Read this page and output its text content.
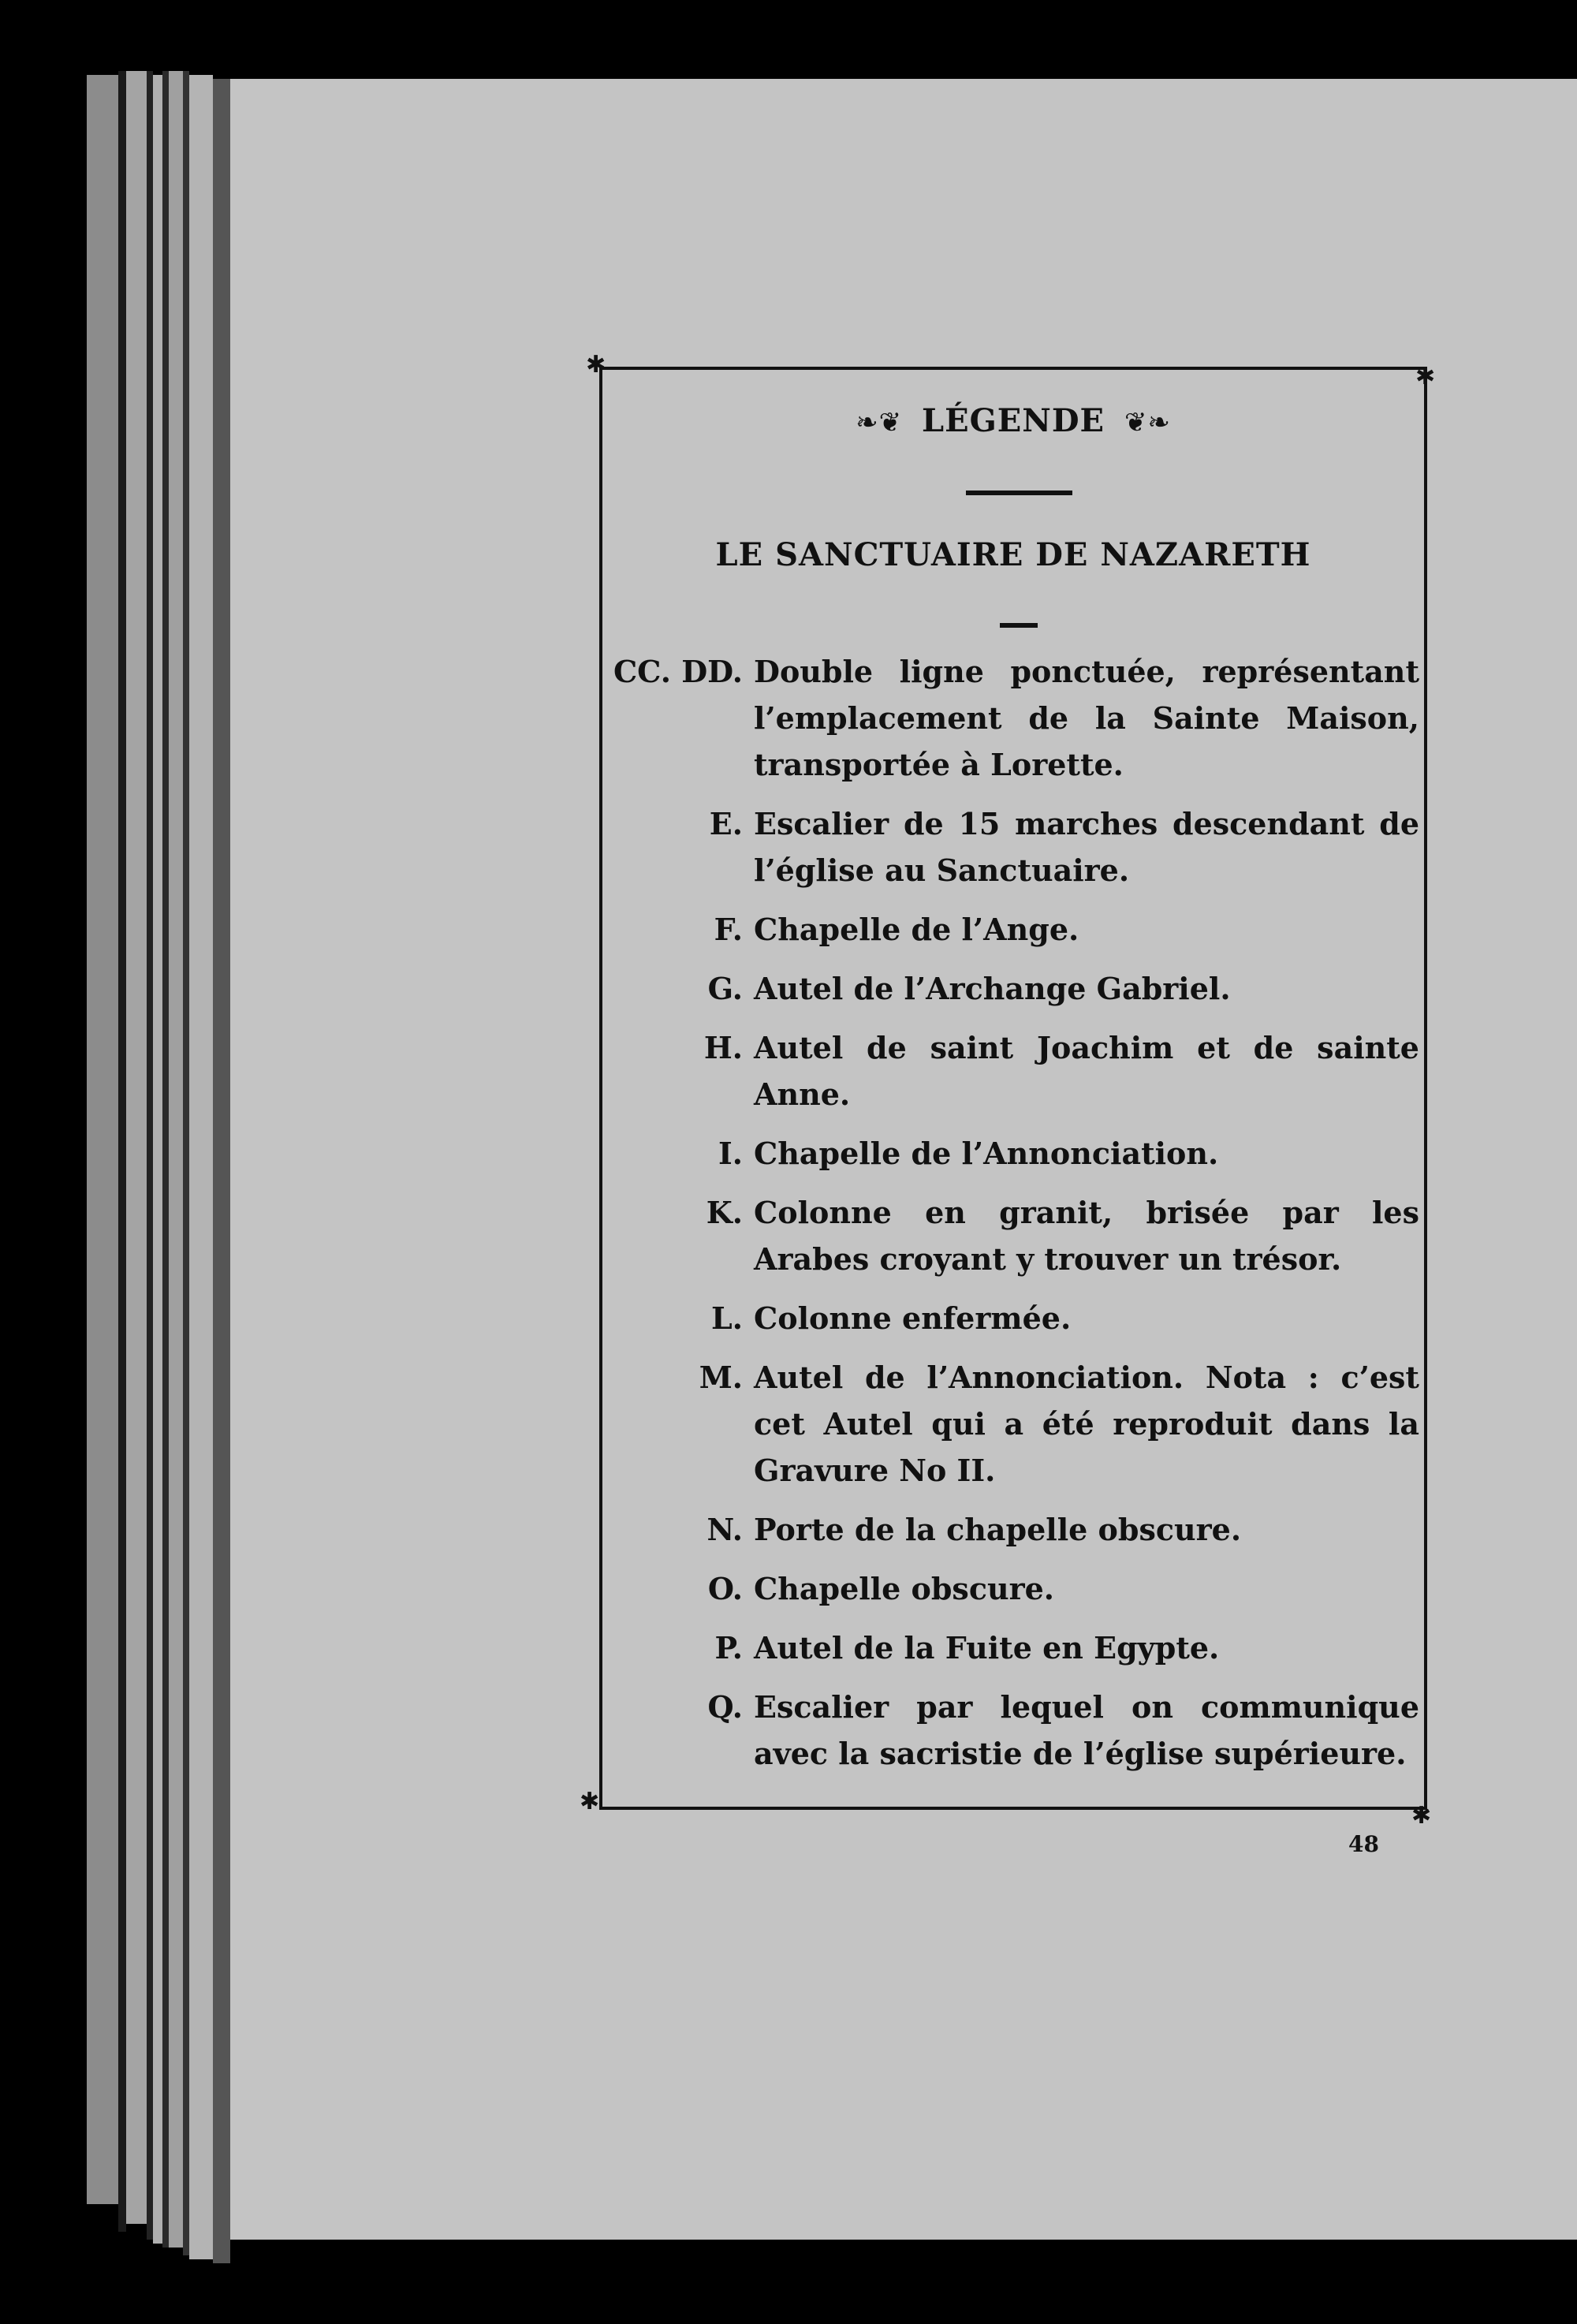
✱	✱
✱
✱
❧❦ LÉGENDE ❦❧
LE SANCTUAIRE DE NAZARETH
CC. DD. Double ligne ponctuée, représentant l’emplacement de la Sainte Maison, transportée à Lorette.
E. Escalier de 15 marches descendant de l’église au Sanctuaire.
F. Chapelle de l’Ange.
G. Autel de l’Archange Gabriel.
H. Autel de saint Joachim et de sainte Anne.
I. Chapelle de l’Annonciation.
K. Colonne en granit, brisée par les Arabes croyant y trouver un trésor.
L. Colonne enfermée.
M. Autel de l’Annonciation. Nota : c’est cet Autel qui a été reproduit dans la Gravure No II.
N. Porte de la chapelle obscure.
O. Chapelle obscure.
P. Autel de la Fuite en Egypte.
Q. Escalier par lequel on communique avec la sacristie de l’église supérieure.
48
